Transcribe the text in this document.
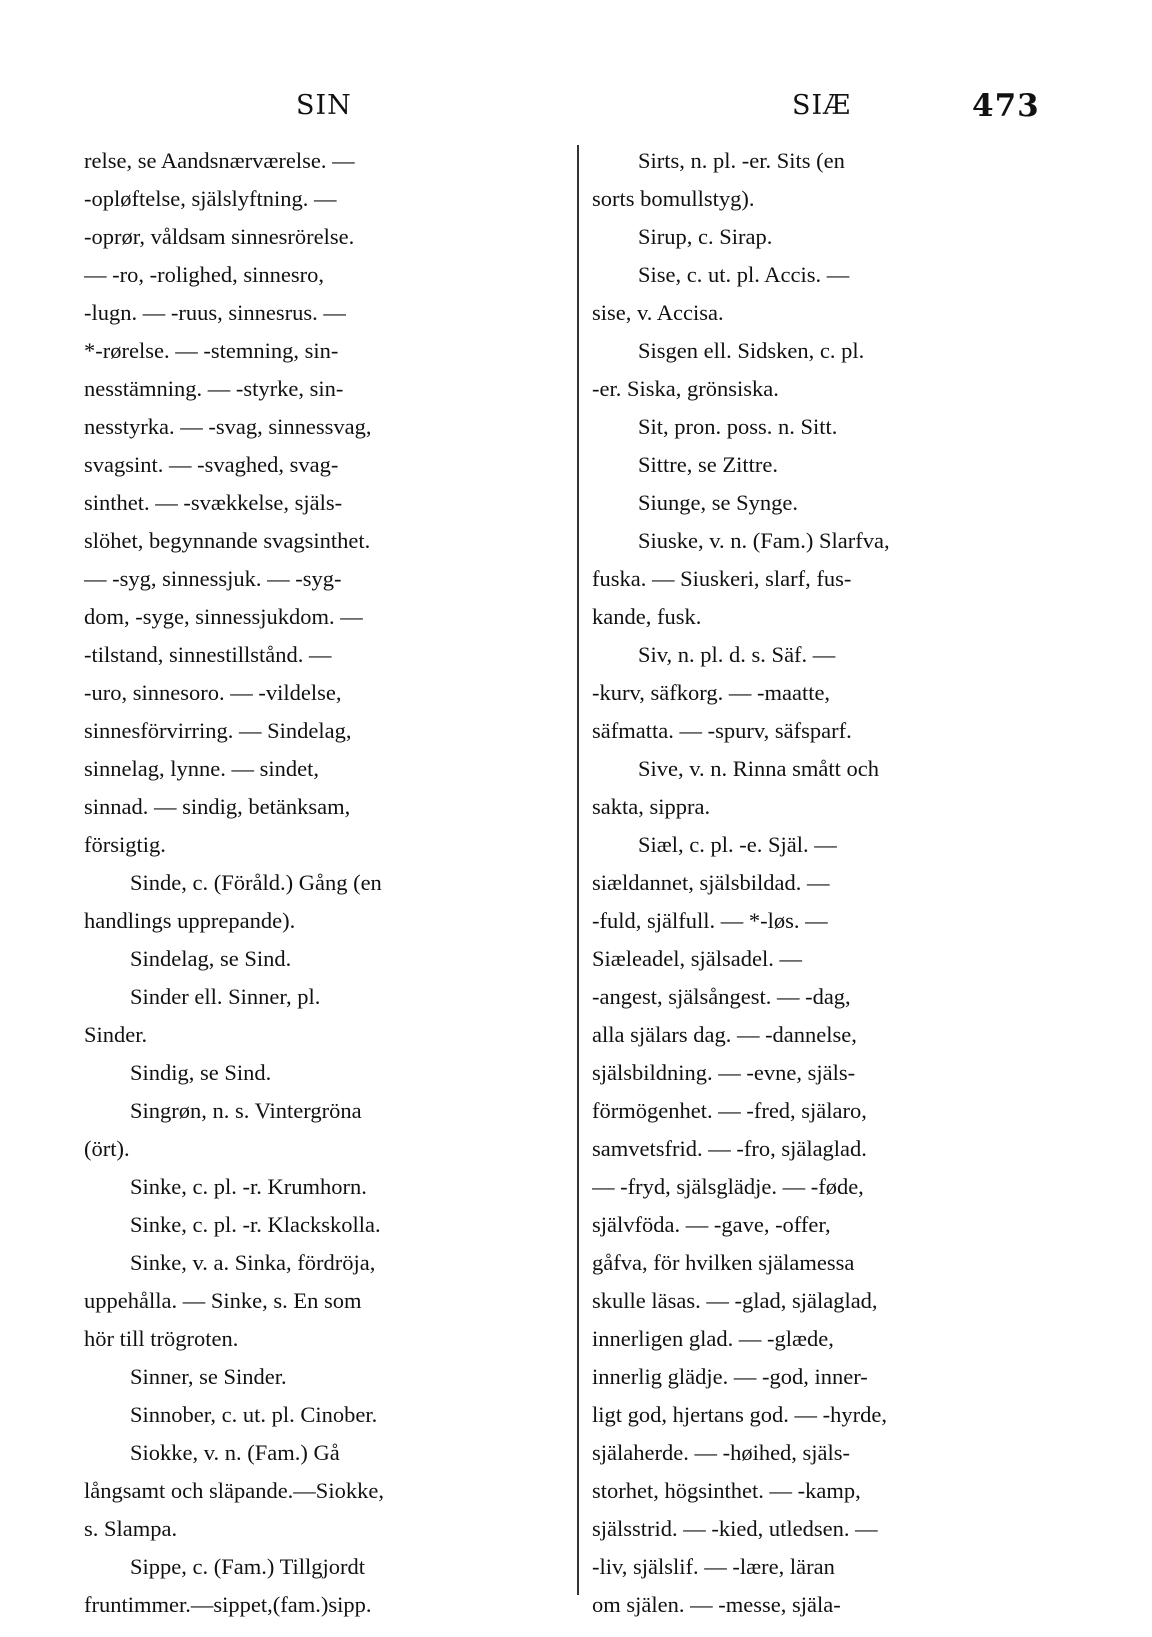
SIN	SIÆ	473
relse, se Aandsnærværelse. —
-opløftelse, själslyftning. —
-oprør, våldsam sinnesrörelse.
— -ro, -rolighed, sinnesro,
-lugn. — -ruus, sinnesrus. —
*-rørelse. — -stemning, sin-
nesstämning. — -styrke, sin-
nesstyrka. — -svag, sinnessvag,
svagsint. — -svaghed, svag-
sinthet. — -svækkelse, själs-
slöhet, begynnande svagsinthet.
— -syg, sinnessjuk. — -syg-
dom, -syge, sinnessjukdom. —
-tilstand, sinnestillstånd. —
-uro, sinnesoro. — -vildelse,
sinnesförvirring. — Sindelag,
sinnelag, lynne. — sindet,
sinnad. — sindig, betänksam,
försigtig.
Sinde, c. (Föråld.) Gång (en
handlings upprepande).
Sindelag, se Sind.
Sinder ell. Sinner, pl.
Sinder.
Sindig, se Sind.
Singrøn, n. s. Vintergröna
(ört).
Sinke, c. pl. -r. Krumhorn.
Sinke, c. pl. -r. Klackskolla.
Sinke, v. a. Sinka, fördröja,
uppehålla. — Sinke, s. En som
hör till trögroten.
Sinner, se Sinder.
Sinnober, c. ut. pl. Cinober.
Siokke, v. n. (Fam.) Gå
långsamt och släpande.—Siokke,
s. Slampa.
Sippe, c. (Fam.) Tillgjordt
fruntimmer.—sippet,(fam.)sipp.
Sirts, n. pl. -er. Sits (en
sorts bomullstyg).
Sirup, c. Sirap.
Sise, c. ut. pl. Accis. —
sise, v. Accisa.
Sisgen ell. Sidsken, c. pl.
-er. Siska, grönsiska.
Sit, pron. poss. n. Sitt.
Sittre, se Zittre.
Siunge, se Synge.
Siuske, v. n. (Fam.) Slarfva,
fuska. — Siuskeri, slarf, fus-
kande, fusk.
Siv, n. pl. d. s. Säf. —
-kurv, säfkorg. — -maatte,
säfmatta. — -spurv, säfsparf.
Sive, v. n. Rinna smått och
sakta, sippra.
Siæl, c. pl. -e. Själ. —
siældannet, själsbildad. —
-fuld, själfull. — *-løs. —
Siæleadel, själsadel. —
-angest, själsångest. — -dag,
alla själars dag. — -dannelse,
själsbildning. — -evne, själs-
förmögenhet. — -fred, själaro,
samvetsfrid. — -fro, själaglad.
— -fryd, själsglädje. — -føde,
självföda. — -gave, -offer,
gåfva, för hvilken själamessa
skulle läsas. — -glad, själaglad,
innerligen glad. — -glæde,
innerlig glädje. — -god, inner-
ligt god, hjertans god. — -hyrde,
själaherde. — -høihed, själs-
storhet, högsinthet. — -kamp,
själsstrid. — -kied, utledsen. —
-liv, själslif. — -lære, läran
om själen. — -messe, själa-
